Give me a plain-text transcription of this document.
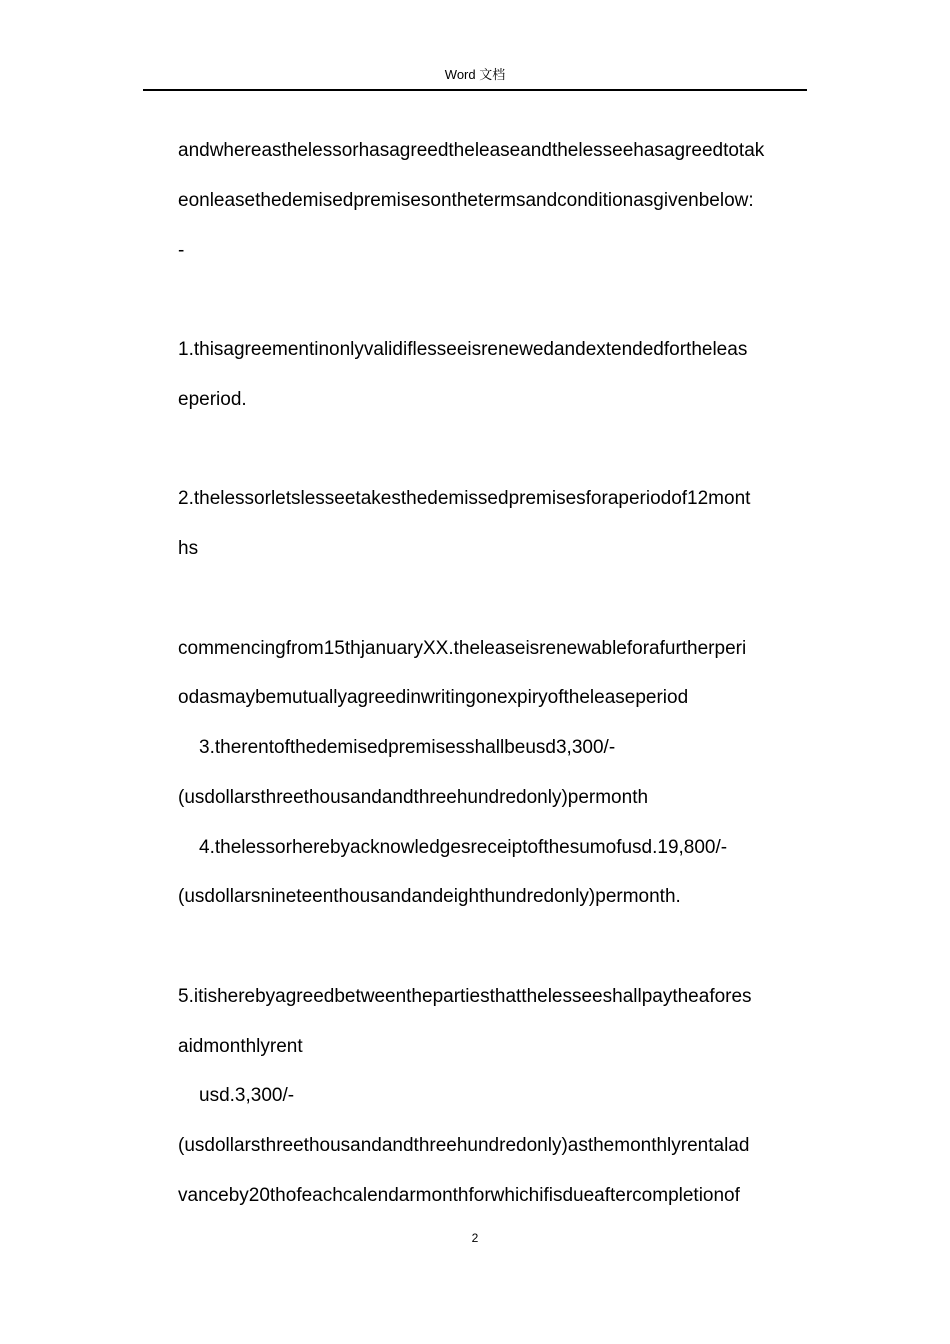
Word 文档
andwhereasthelessorhasagreedtheleaseandthelesseehasagreedtotak
eonleasethedemisedpremisesonthetermsandconditionasgivenbelow:
-
1.thisagreementinonlyvalidiflesseeisrenewedandextendedfortheleas
eperiod.
2.thelessorletslesseetakesthedemissedpremisesforaperiodof12mont
hs
commencingfrom15thjanuaryXX.theleaseisrenewableforafurtherperi
odasmaybemutuallyagreedinwritingonexpiryoftheleaseperiod
3.therentofthedemisedpremisesshallbeusd3,300/-
(usdollarsthreethousandandthreehundredonly)permonth
4.thelessorherebyacknowledgesreceiptofthesumofusd.19,800/-
(usdollarsnineteenthousandandeighthundredonly)permonth.
5.itisherebyagreedbetweenthepartiesthatthelesseeshallpaytheafores
aidmonthlyrent
usd.3,300/-
(usdollarsthreethousandandthreehundredonly)asthemonthlyrentalad
vanceby20thofeachcalendarmonthforwhichifisdueaftercompletionof
2
